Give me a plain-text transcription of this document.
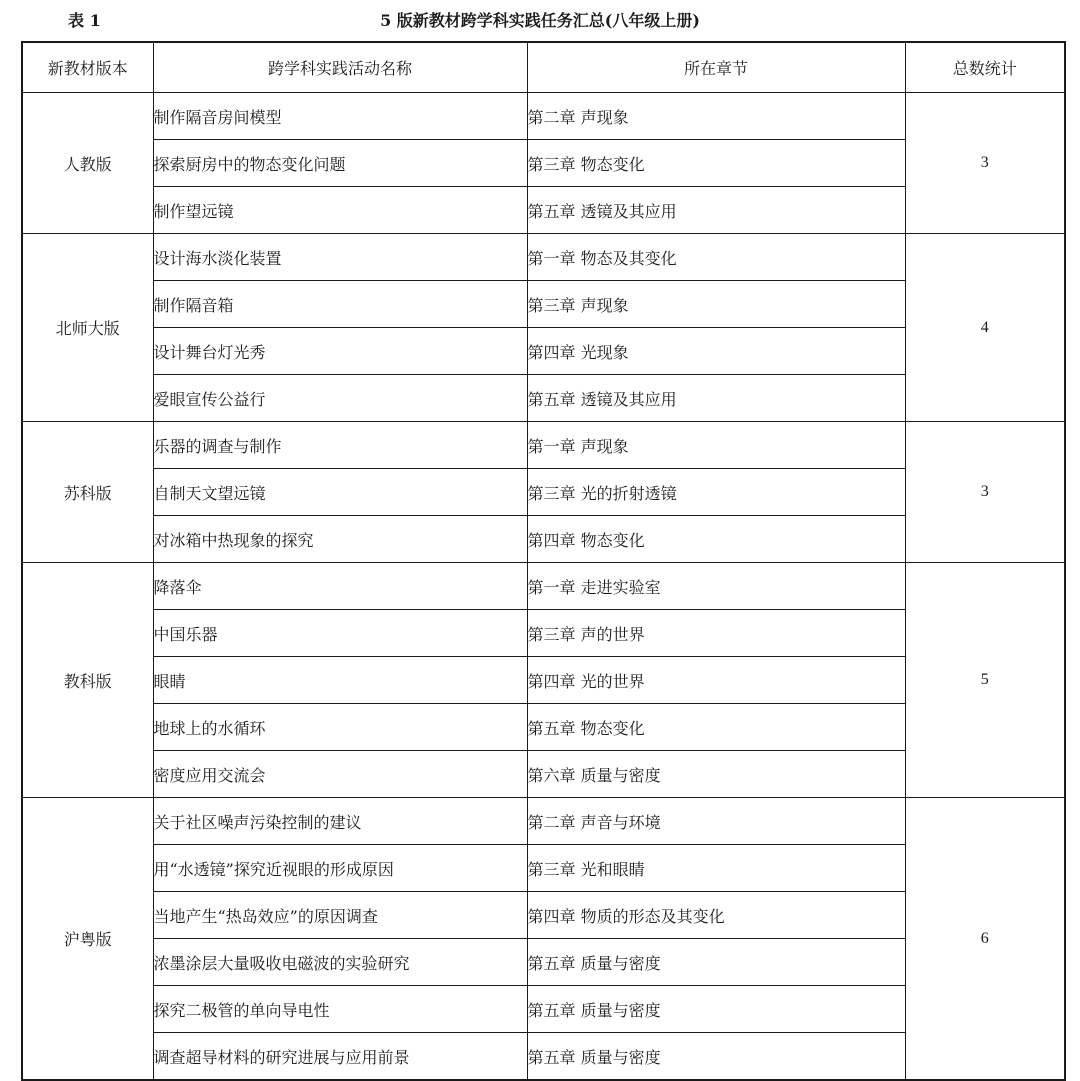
表 1	5 版新教材跨学科实践任务汇总(八年级上册)
新教材版本	跨学科实践活动名称	所在章节	总数统计
人教版	制作隔音房间模型	第二章 声现象	3
	探索厨房中的物态变化问题	第三章 物态变化	
	制作望远镜	第五章 透镜及其应用	
北师大版	设计海水淡化装置	第一章 物态及其变化	4
	制作隔音箱	第三章 声现象	
	设计舞台灯光秀	第四章 光现象	
	爱眼宣传公益行	第五章 透镜及其应用	
苏科版	乐器的调查与制作	第一章 声现象	3
	自制天文望远镜	第三章 光的折射透镜	
	对冰箱中热现象的探究	第四章 物态变化	
教科版	降落伞	第一章 走进实验室	5
	中国乐器	第三章 声的世界	
	眼睛	第四章 光的世界	
	地球上的水循环	第五章 物态变化	
	密度应用交流会	第六章 质量与密度	
沪粤版	关于社区噪声污染控制的建议	第二章 声音与环境	6
	用“水透镜”探究近视眼的形成原因	第三章 光和眼睛	
	当地产生“热岛效应”的原因调查	第四章 物质的形态及其变化	
	浓墨涂层大量吸收电磁波的实验研究	第五章 质量与密度	
	探究二极管的单向导电性	第五章 质量与密度	
	调查超导材料的研究进展与应用前景	第五章 质量与密度	
